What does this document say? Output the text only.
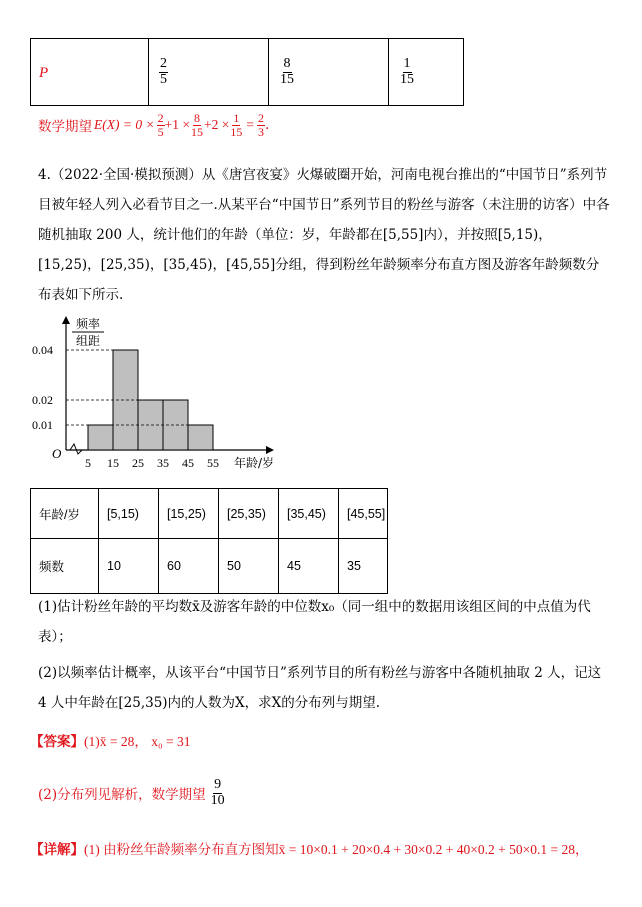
P	$\frac{2}{5}$	$\frac{8}{15}$	$\frac{1}{15}$
数学期望 $E(X) = 0 \times \frac{2}{5} +1 \times \frac{8}{15} +2 \times \frac{1}{15} = \frac{2}{3}$ .
4.（2022·全国·模拟预测）从《唐宫夜宴》火爆破圈开始，河南电视台推出的“中国节日”系列节目被年轻人列入必看节目之一.从某平台“中国节日”系列节目的粉丝与游客（未注册的访客）中各随机抽取 200 人，统计他们的年龄（单位：岁，年龄都在[5,55]内），并按照[5,15)，[15,25)，[25,35)，[35,45)，[45,55]分组，得到粉丝年龄频率分布直方图及游客年龄频数分布表如下所示.
0.01
0.02
0.04
5 15 25 35 45 55
O
年龄/岁
频率
组距
年龄/岁	[5,15)	[15,25)	[25,35)	[35,45)	[45,55]
频数	10	60	50	45	35
(1)估计粉丝年龄的平均数x̄及游客年龄的中位数x₀（同一组中的数据用该组区间的中点值为代表）；
(2)以频率估计概率，从该平台“中国节日”系列节目的所有粉丝与游客中各随机抽取 2 人，记这 4 人中年龄在[25,35)内的人数为X，求X的分布列与期望.
【答案】(1)x̄ = 28， x₀ = 31
(2)分布列见解析，数学期望 $\frac{9}{10}$
【详解】(1) 由粉丝年龄频率分布直方图知x̄ = 10×0.1 + 20×0.4 + 30×0.2 + 40×0.2 + 50×0.1 = 28，
